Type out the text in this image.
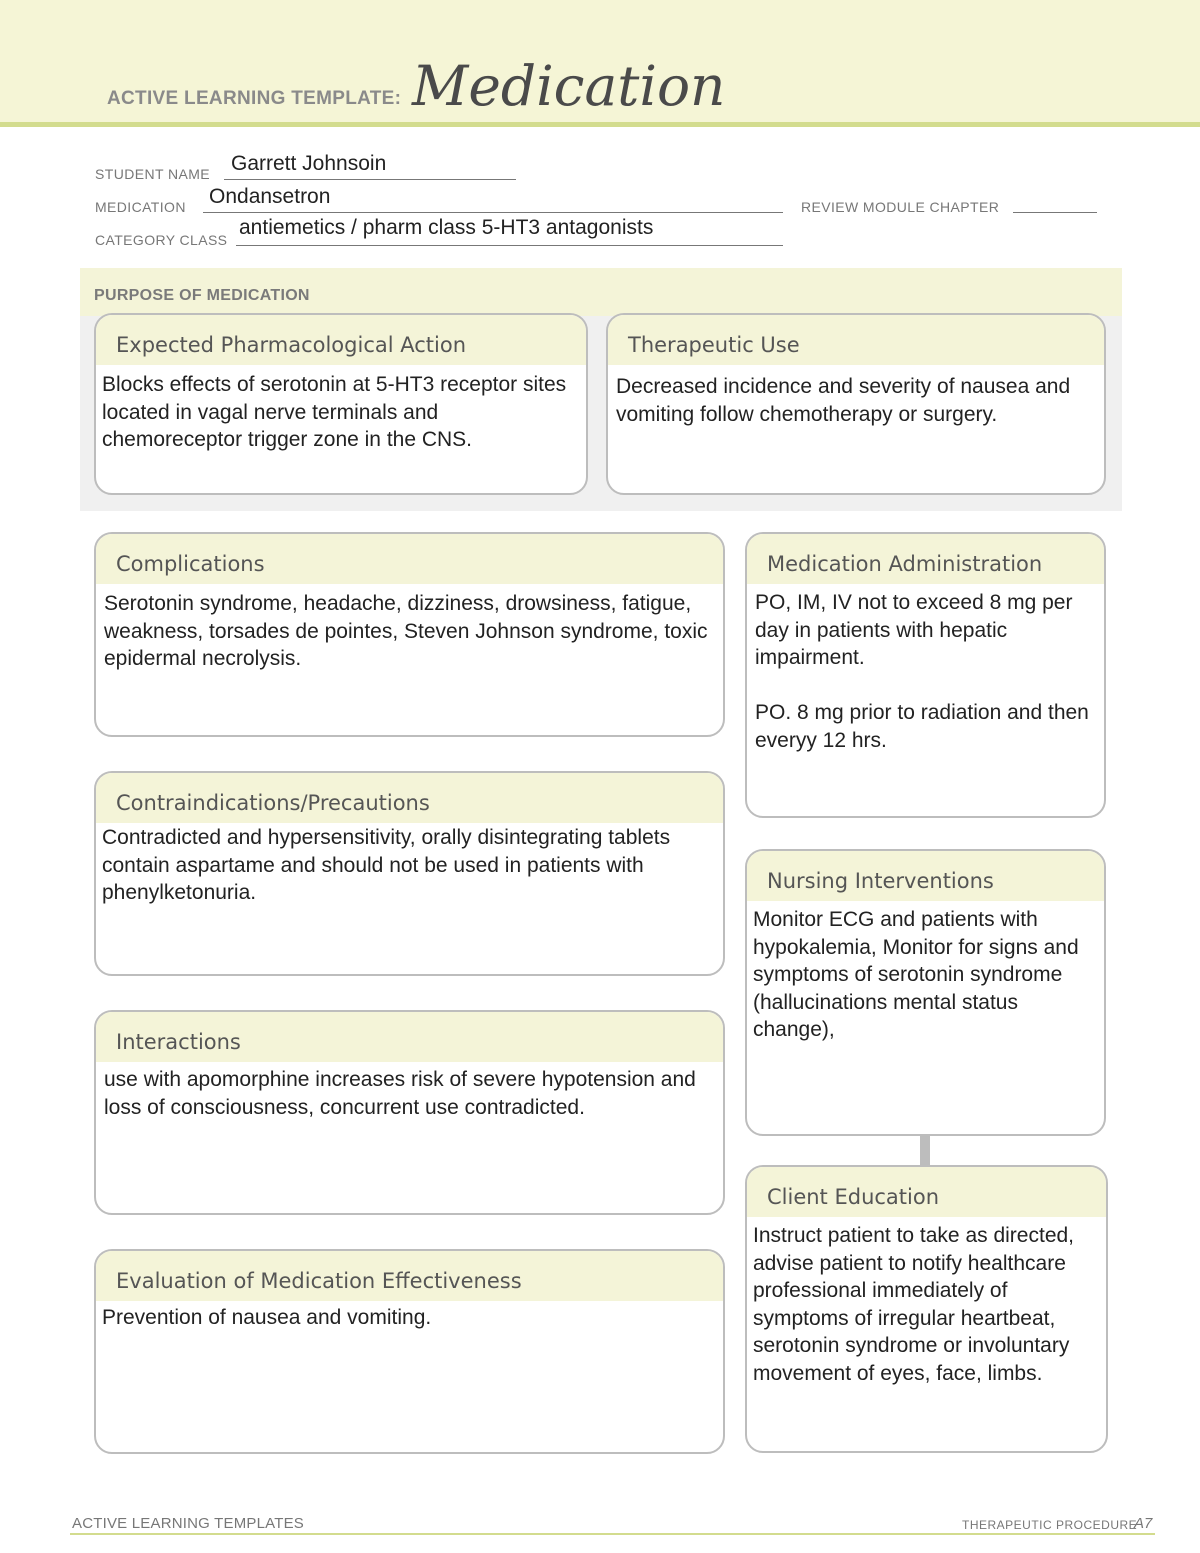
ACTIVE LEARNING TEMPLATE: Medication
STUDENT NAME Garrett Johnsoin
MEDICATION Ondansetron	REVIEW MODULE CHAPTER
CATEGORY CLASS
antiemetics / pharm class 5-HT3 antagonists
PURPOSE OF MEDICATION
Expected Pharmacological Action

Blocks effects of serotonin at 5-HT3 receptor sites located in vagal nerve terminals and chemoreceptor trigger zone in the CNS.

Therapeutic Use

Decreased incidence and severity of nausea and vomiting follow chemotherapy or surgery.

Complications

Serotonin syndrome, headache, dizziness, drowsiness, fatigue, weakness, torsades de pointes, Steven Johnson syndrome, toxic epidermal necrolysis.

Contraindications/Precautions

Contradicted and hypersensitivity, orally disintegrating tablets contain aspartame and should not be used in patients with phenylketonuria.

Interactions

use with apomorphine increases risk of severe hypotension and loss of consciousness, concurrent use contradicted.

Evaluation of Medication Effectiveness

Prevention of nausea and vomiting.

Medication Administration

PO, IM, IV not to exceed 8 mg per day in patients with hepatic impairment.

PO. 8 mg prior to radiation and then everyy 12 hrs.

Nursing Interventions

Monitor ECG and patients with hypokalemia, Monitor for signs and symptoms of serotonin syndrome (hallucinations mental status change),

Client Education

Instruct patient to take as directed, advise patient to notify healthcare professional immediately of symptoms of irregular heartbeat, serotonin syndrome or involuntary movement of eyes, face, limbs.

ACTIVE LEARNING TEMPLATES	THERAPEUTIC PROCEDURE
A7
